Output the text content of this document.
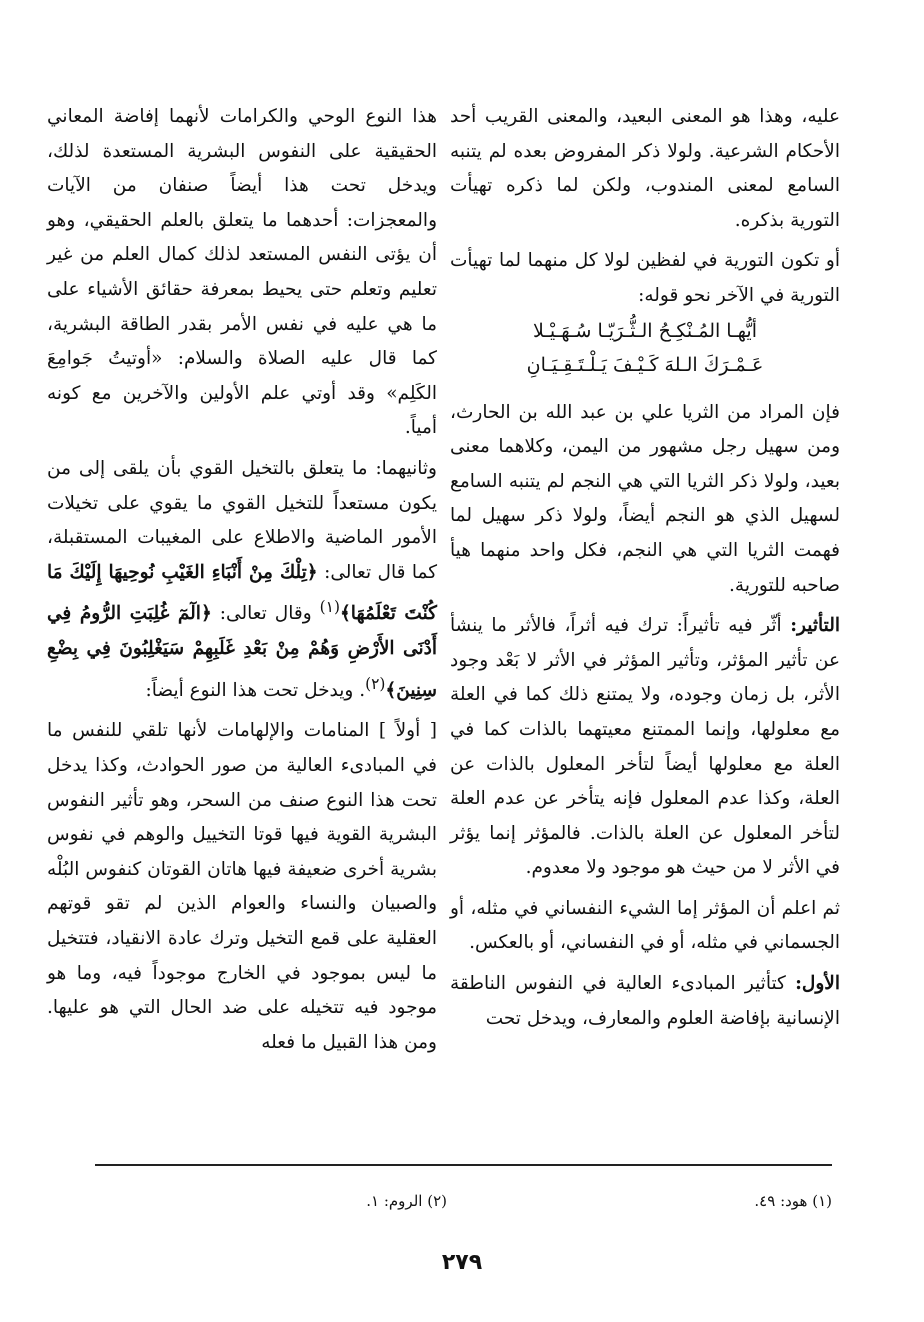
عليه، وهذا هو المعنى البعيد، والمعنى القريب أحد الأحكام الشرعية. ولولا ذكر المفروض بعده لم يتنبه السامع لمعنى المندوب، ولكن لما ذكره تهيأت التورية بذكره.

أو تكون التورية في لفظين لولا كل منهما لما تهيأت التورية في الآخر نحو قوله:

أيُّهـا المُـنْكِـحُ الـثُّـرَيّـا سُـهَـيْـلا
عَـمْـرَكَ الـلهَ كَـيْـفَ يَـلْـتَـقِـيَـانِ

فإن المراد من الثريا علي بن عبد الله بن الحارث، ومن سهيل رجل مشهور من اليمن، وكلاهما معنى بعيد، ولولا ذكر الثريا التي هي النجم لم يتنبه السامع لسهيل الذي هو النجم أيضاً، ولولا ذكر سهيل لما فهمت الثريا التي هي النجم، فكل واحد منهما هيأ صاحبه للتورية.

التأثير: أثّر فيه تأثيراً: ترك فيه أثراً، فالأثر ما ينشأ عن تأثير المؤثر، وتأثير المؤثر في الأثر لا بَعْد وجود الأثر، بل زمان وجوده، ولا يمتنع ذلك كما في العلة مع معلولها، وإنما الممتنع معيتهما بالذات كما في العلة مع معلولها أيضاً لتأخر المعلول بالذات عن العلة، وكذا عدم المعلول فإنه يتأخر عن عدم العلة لتأخر المعلول عن العلة بالذات. فالمؤثر إنما يؤثر في الأثر لا من حيث هو موجود ولا معدوم.

ثم اعلم أن المؤثر إما الشيء النفساني في مثله، أو الجسماني في مثله، أو في النفساني، أو بالعكس.

الأول: كتأثير المبادىء العالية في النفوس الناطقة الإنسانية بإفاضة العلوم والمعارف، ويدخل تحت

هذا النوع الوحي والكرامات لأنهما إفاضة المعاني الحقيقية على النفوس البشرية المستعدة لذلك، ويدخل تحت هذا أيضاً صنفان من الآيات والمعجزات: أحدهما ما يتعلق بالعلم الحقيقي، وهو أن يؤتى النفس المستعد لذلك كمال العلم من غير تعليم وتعلم حتى يحيط بمعرفة حقائق الأشياء على ما هي عليه في نفس الأمر بقدر الطاقة البشرية، كما قال عليه الصلاة والسلام: «أوتيتُ جَوامِعَ الكَلِم» وقد أوتي علم الأولين والآخرين مع كونه أمياً.

وثانيهما: ما يتعلق بالتخيل القوي بأن يلقى إلى من يكون مستعداً للتخيل القوي ما يقوي على تخيلات الأمور الماضية والاطلاع على المغيبات المستقبلة، كما قال تعالى: ﴿تِلْكَ مِنْ أَنْبَاءِ الغَيْبِ نُوحِيهَا إِلَيْكَ مَا كُنْتَ تَعْلَمُهَا﴾$^{(١)}$ وقال تعالى: ﴿الٓمٓ غُلِبَتِ الرُّومُ فِي أَدْنَى الأَرْضِ وَهُمْ مِنْ بَعْدِ غَلَبِهِمْ سَيَغْلِبُونَ فِي بِضْعِ سِنِينَ﴾$^{(٢)}$. ويدخل تحت هذا النوع أيضاً:

[ أولاً ] المنامات والإلهامات لأنها تلقي للنفس ما في المبادىء العالية من صور الحوادث، وكذا يدخل تحت هذا النوع صنف من السحر، وهو تأثير النفوس البشرية القوية فيها قوتا التخييل والوهم في نفوس بشرية أخرى ضعيفة فيها هاتان القوتان كنفوس البُلْه والصبيان والنساء والعوام الذين لم تقو قوتهم العقلية على قمع التخيل وترك عادة الانقياد، فتتخيل ما ليس بموجود في الخارج موجوداً فيه، وما هو موجود فيه تتخيله على ضد الحال التي هو عليها. ومن هذا القبيل ما فعله

(١) هود: ٤٩.
(٢) الروم: ١.
٢٧٩
